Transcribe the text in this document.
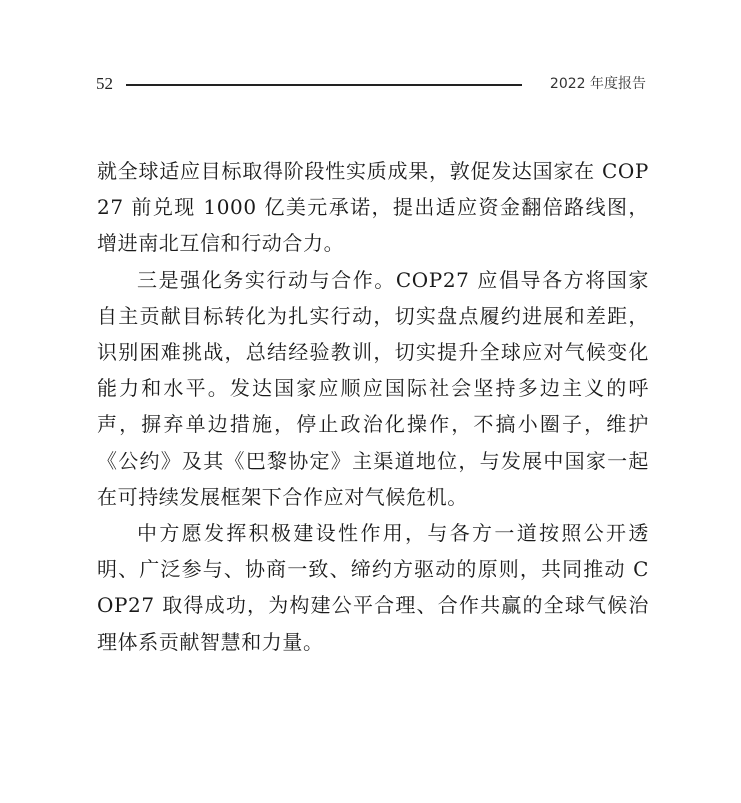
52	2022 年度报告

就全球适应目标取得阶段性实质成果，敦促发达国家在 COP27 前兑现 1000 亿美元承诺，提出适应资金翻倍路线图，增进南北互信和行动合力。

三是强化务实行动与合作。COP27 应倡导各方将国家自主贡献目标转化为扎实行动，切实盘点履约进展和差距，识别困难挑战，总结经验教训，切实提升全球应对气候变化能力和水平。发达国家应顺应国际社会坚持多边主义的呼声，摒弃单边措施，停止政治化操作，不搞小圈子，维护《公约》及其《巴黎协定》主渠道地位，与发展中国家一起在可持续发展框架下合作应对气候危机。

中方愿发挥积极建设性作用，与各方一道按照公开透明、广泛参与、协商一致、缔约方驱动的原则，共同推动 COP27 取得成功，为构建公平合理、合作共赢的全球气候治理体系贡献智慧和力量。
